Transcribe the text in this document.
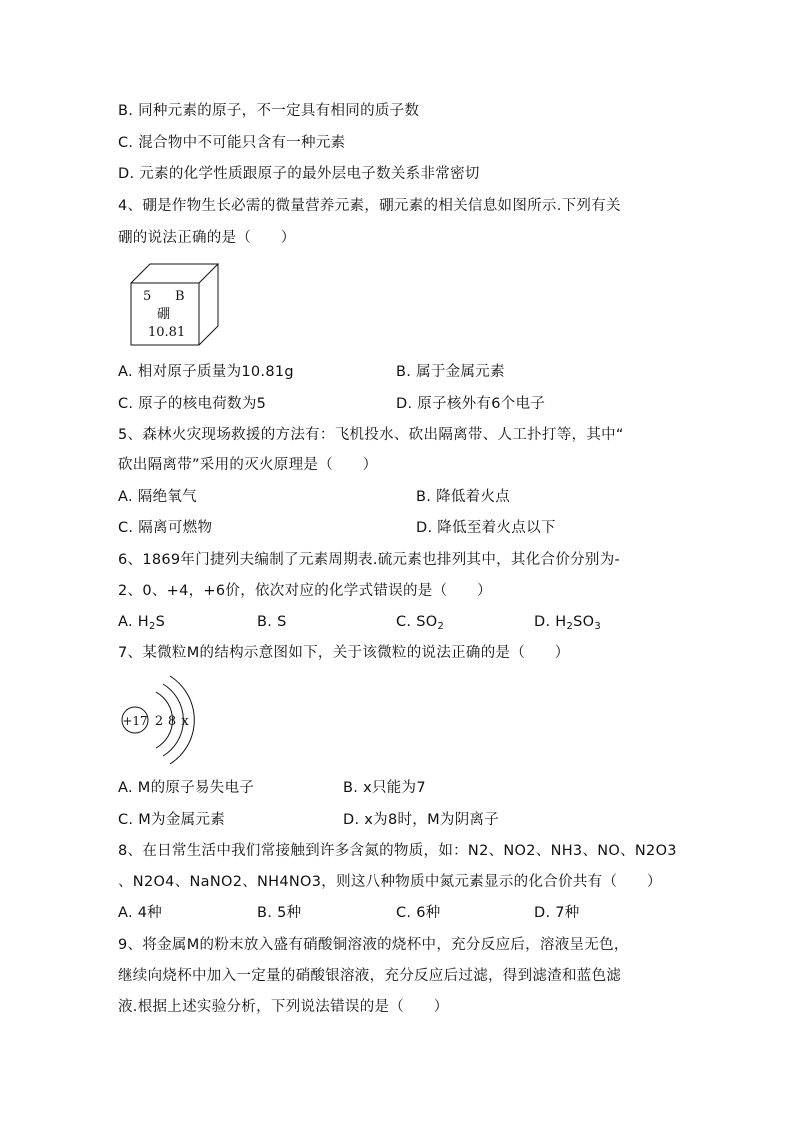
B. 同种元素的原子，不一定具有相同的质子数
C. 混合物中不可能只含有一种元素
D. 元素的化学性质跟原子的最外层电子数关系非常密切
4、硼是作物生长必需的微量营养元素，硼元素的相关信息如图所示.下列有关
硼的说法正确的是（　　）
5 B
硼
10.81
A. 相对原子质量为10.81g	B. 属于金属元素
C. 原子的核电荷数为5	D. 原子核外有6个电子
5、森林火灾现场救援的方法有：飞机投水、砍出隔离带、人工扑打等，其中“
砍出隔离带”采用的灭火原理是（　　）
A. 隔绝氧气	B. 降低着火点
C. 隔离可燃物	D. 降低至着火点以下
6、1869年门捷列夫编制了元素周期表.硫元素也排列其中，其化合价分别为-
2、0、+4，+6价，依次对应的化学式错误的是（　　）
A. $H_2S$	B. S	C. $SO_2$	D. $H_2SO_3$
7、某微粒M的结构示意图如下，关于该微粒的说法正确的是（　　）
+17 2 8 x
A. M的原子易失电子	B. x只能为7
C. M为金属元素	D. x为8时，M为阴离子
8、在日常生活中我们常接触到许多含氮的物质，如：N2、NO2、NH3、NO、N2O3
、N2O4、NaNO2、NH4NO3，则这八种物质中氮元素显示的化合价共有（　　）
A. 4种	B. 5种	C. 6种	D. 7种
9、将金属M的粉末放入盛有硝酸铜溶液的烧杯中，充分反应后，溶液呈无色，
继续向烧杯中加入一定量的硝酸银溶液，充分反应后过滤，得到滤渣和蓝色滤
液.根据上述实验分析，下列说法错误的是（　　）
